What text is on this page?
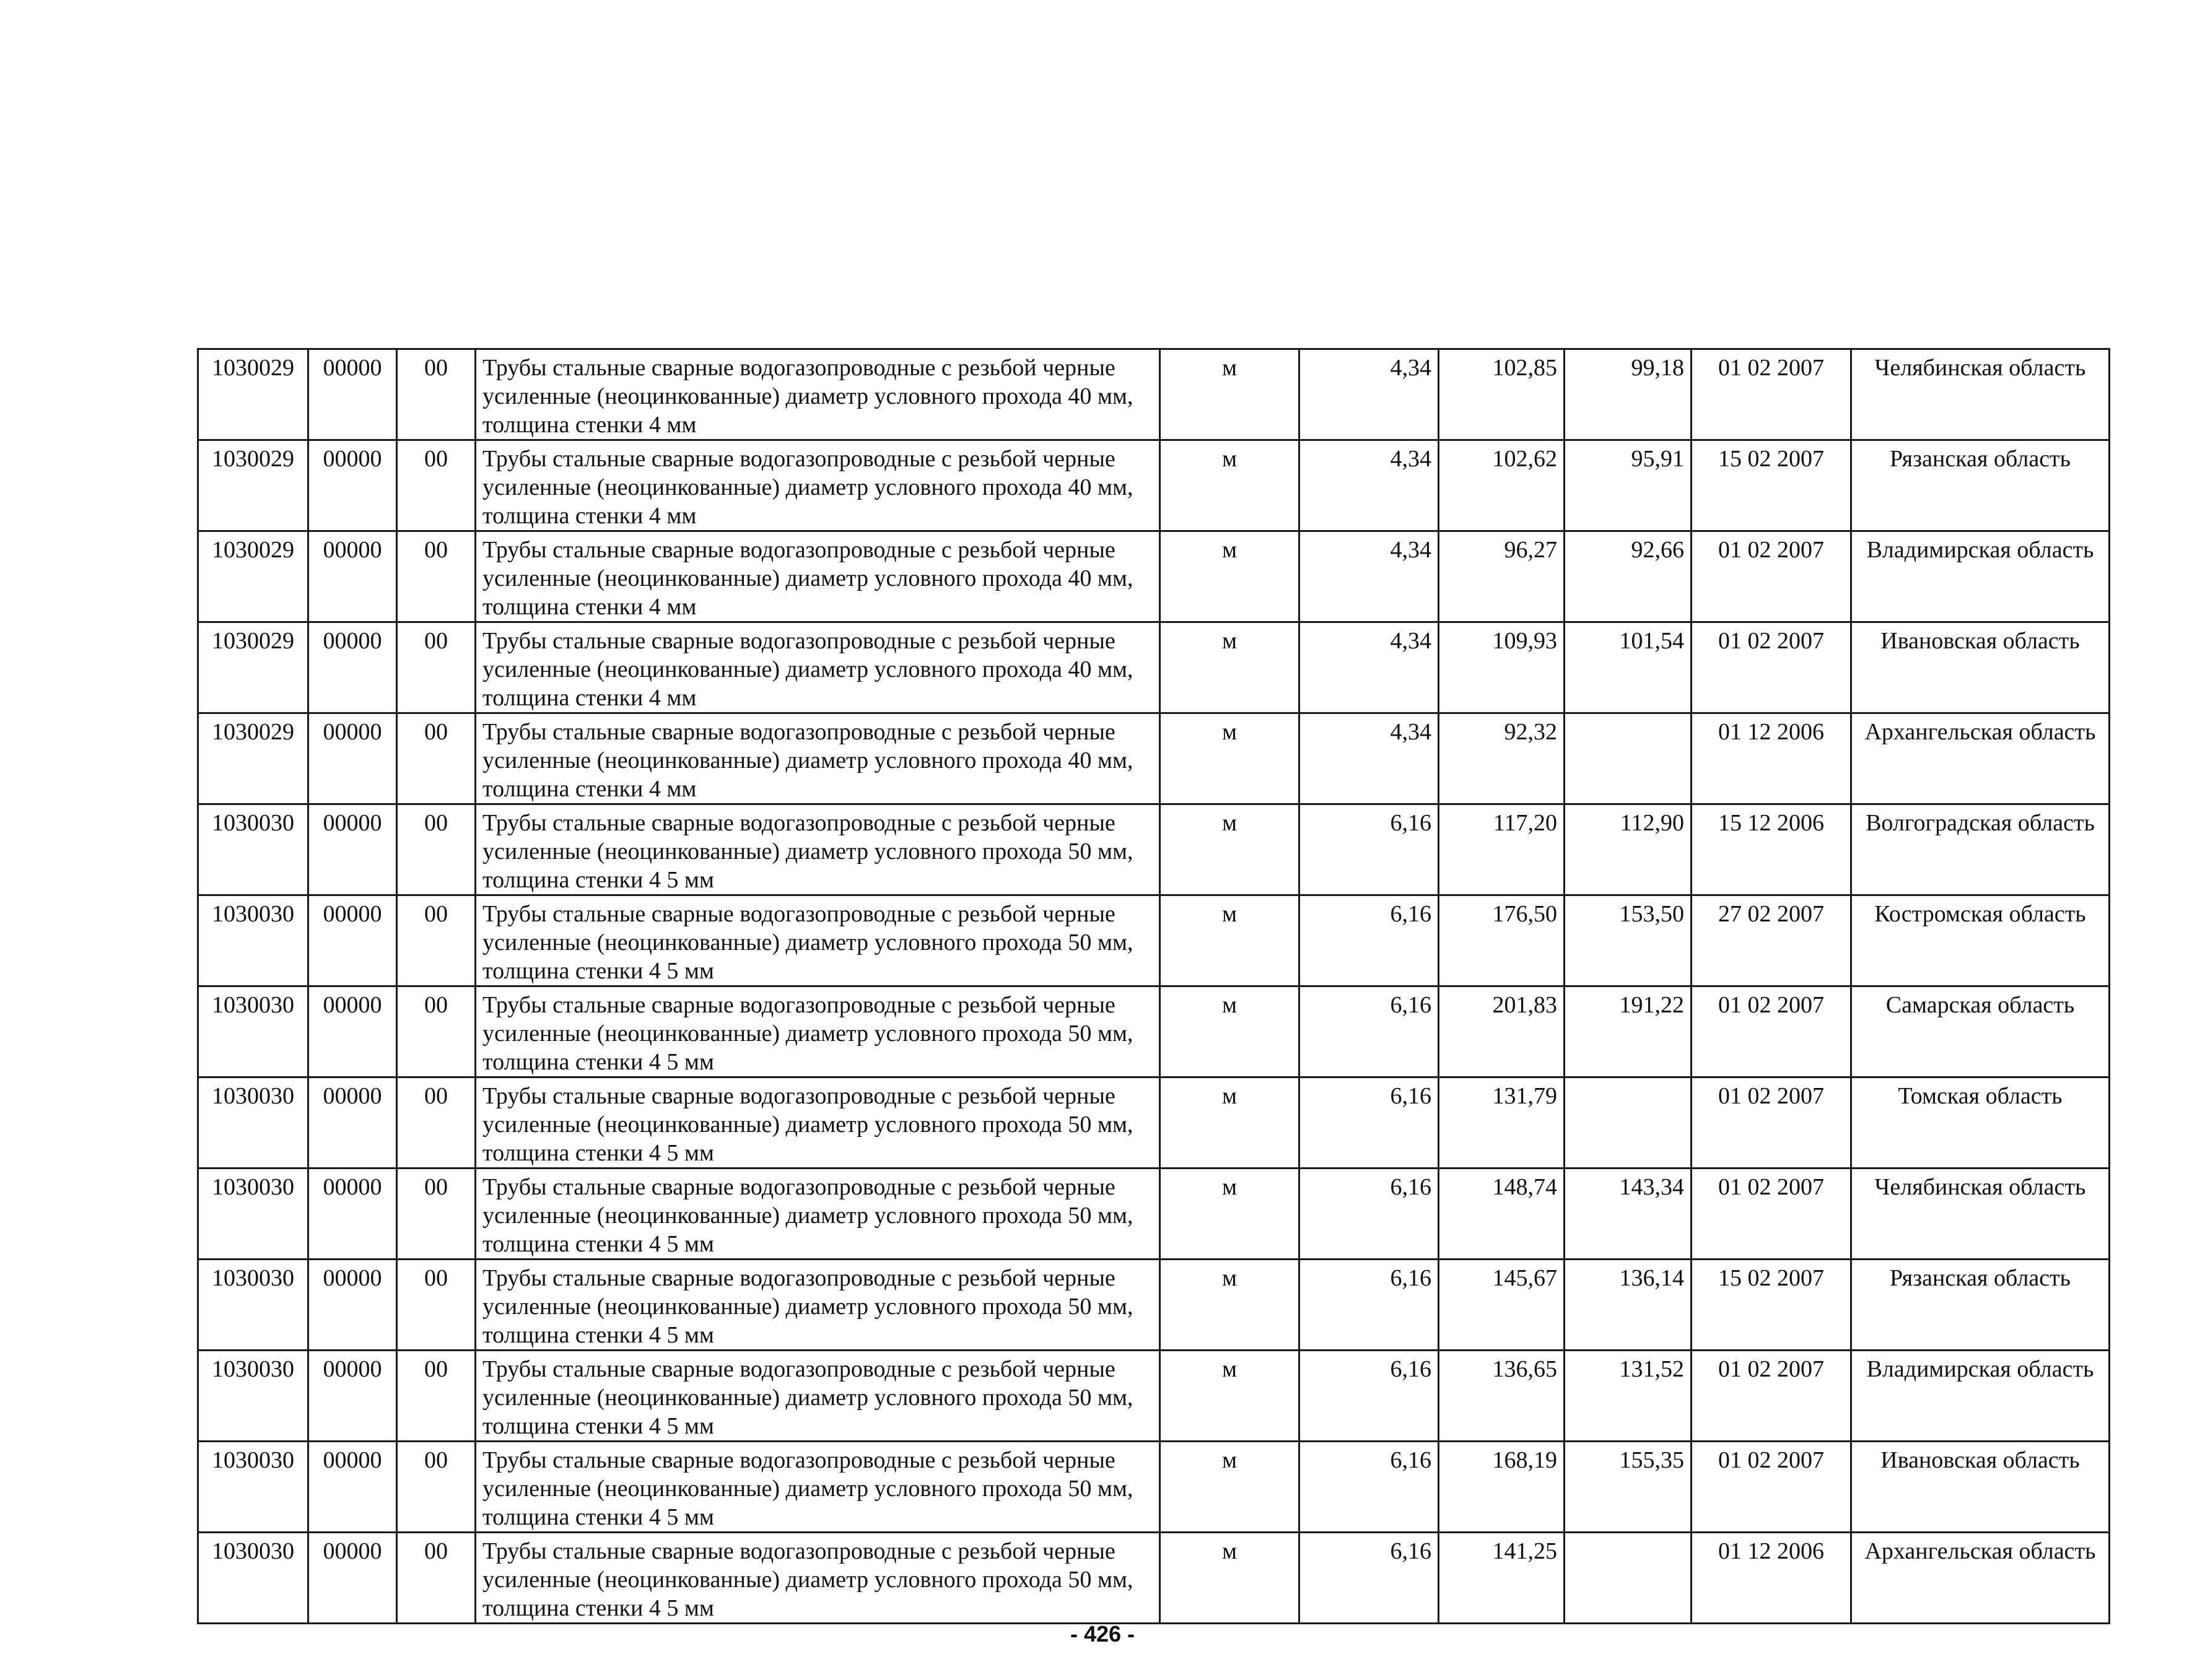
1030029	00000	00	Трубы стальные сварные водогазопроводные с резьбой черные усиленные (неоцинкованные) диаметр условного прохода 40 мм, толщина стенки 4 мм	м	4,34	102,85	99,18	01 02 2007	Челябинская область
1030029	00000	00	Трубы стальные сварные водогазопроводные с резьбой черные усиленные (неоцинкованные) диаметр условного прохода 40 мм, толщина стенки 4 мм	м	4,34	102,62	95,91	15 02 2007	Рязанская область
1030029	00000	00	Трубы стальные сварные водогазопроводные с резьбой черные усиленные (неоцинкованные) диаметр условного прохода 40 мм, толщина стенки 4 мм	м	4,34	96,27	92,66	01 02 2007	Владимирская область
1030029	00000	00	Трубы стальные сварные водогазопроводные с резьбой черные усиленные (неоцинкованные) диаметр условного прохода 40 мм, толщина стенки 4 мм	м	4,34	109,93	101,54	01 02 2007	Ивановская область
1030029	00000	00	Трубы стальные сварные водогазопроводные с резьбой черные усиленные (неоцинкованные) диаметр условного прохода 40 мм, толщина стенки 4 мм	м	4,34	92,32		01 12 2006	Архангельская область
1030030	00000	00	Трубы стальные сварные водогазопроводные с резьбой черные усиленные (неоцинкованные) диаметр условного прохода 50 мм, толщина стенки 4 5 мм	м	6,16	117,20	112,90	15 12 2006	Волгоградская область
1030030	00000	00	Трубы стальные сварные водогазопроводные с резьбой черные усиленные (неоцинкованные) диаметр условного прохода 50 мм, толщина стенки 4 5 мм	м	6,16	176,50	153,50	27 02 2007	Костромская область
1030030	00000	00	Трубы стальные сварные водогазопроводные с резьбой черные усиленные (неоцинкованные) диаметр условного прохода 50 мм, толщина стенки 4 5 мм	м	6,16	201,83	191,22	01 02 2007	Самарская область
1030030	00000	00	Трубы стальные сварные водогазопроводные с резьбой черные усиленные (неоцинкованные) диаметр условного прохода 50 мм, толщина стенки 4 5 мм	м	6,16	131,79		01 02 2007	Томская область
1030030	00000	00	Трубы стальные сварные водогазопроводные с резьбой черные усиленные (неоцинкованные) диаметр условного прохода 50 мм, толщина стенки 4 5 мм	м	6,16	148,74	143,34	01 02 2007	Челябинская область
1030030	00000	00	Трубы стальные сварные водогазопроводные с резьбой черные усиленные (неоцинкованные) диаметр условного прохода 50 мм, толщина стенки 4 5 мм	м	6,16	145,67	136,14	15 02 2007	Рязанская область
1030030	00000	00	Трубы стальные сварные водогазопроводные с резьбой черные усиленные (неоцинкованные) диаметр условного прохода 50 мм, толщина стенки 4 5 мм	м	6,16	136,65	131,52	01 02 2007	Владимирская область
1030030	00000	00	Трубы стальные сварные водогазопроводные с резьбой черные усиленные (неоцинкованные) диаметр условного прохода 50 мм, толщина стенки 4 5 мм	м	6,16	168,19	155,35	01 02 2007	Ивановская область
1030030	00000	00	Трубы стальные сварные водогазопроводные с резьбой черные усиленные (неоцинкованные) диаметр условного прохода 50 мм, толщина стенки 4 5 мм	м	6,16	141,25		01 12 2006	Архангельская область
- 426 -
